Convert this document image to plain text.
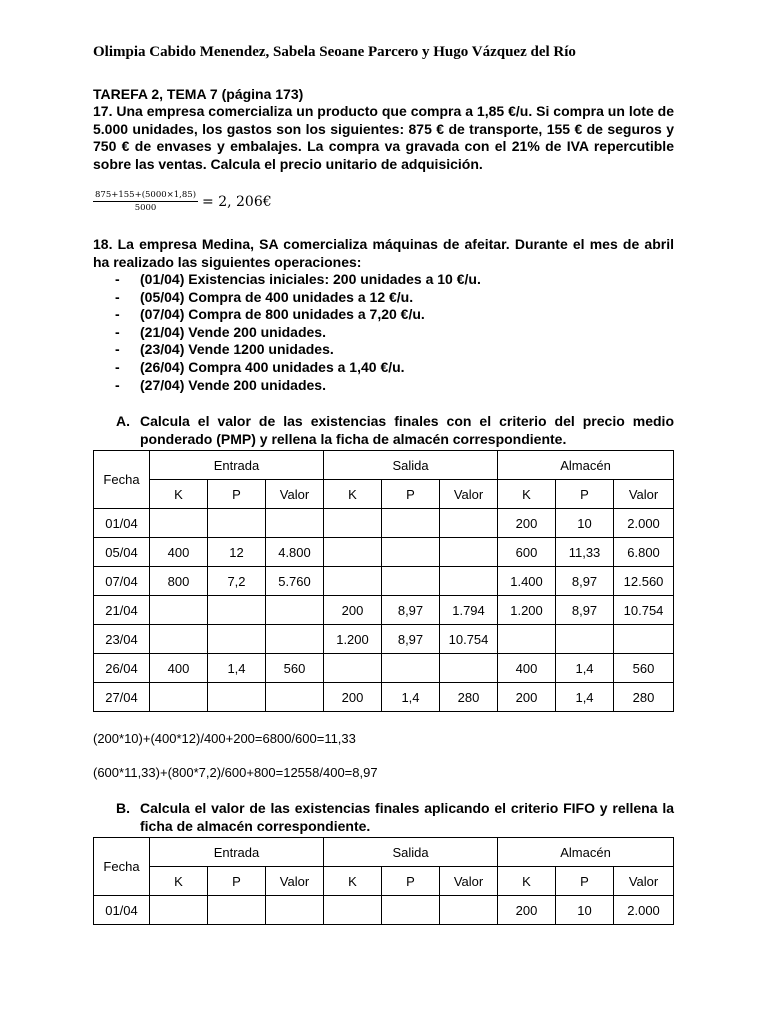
Olimpia Cabido Menendez, Sabela Seoane Parcero y Hugo Vázquez del Río
TAREFA 2, TEMA 7 (página 173)
17. Una empresa comercializa un producto que compra a 1,85 €/u. Si compra un lote de 5.000 unidades, los gastos son los siguientes: 875 € de transporte, 155 € de seguros y 750 € de envases y embalajes. La compra va gravada con el 21% de IVA repercutible sobre las ventas. Calcula el precio unitario de adquisición.
$\frac{875+155+(5000\times 1,85)}{5000} = 2$, 206€
18. La empresa Medina, SA comercializa máquinas de afeitar. Durante el mes de abril ha realizado las siguientes operaciones:
- (01/04) Existencias iniciales: 200 unidades a 10 €/u.
- (05/04) Compra de 400 unidades a 12 €/u.
- (07/04) Compra de 800 unidades a 7,20 €/u.
- (21/04) Vende 200 unidades.
- (23/04) Vende 1200 unidades.
- (26/04) Compra 400 unidades a 1,40 €/u.
- (27/04) Vende 200 unidades.
A. Calcula el valor de las existencias finales con el criterio del precio medio ponderado (PMP) y rellena la ficha de almacén correspondiente.
Fecha	Entrada			Salida			Almacén		
	K	P	Valor	K	P	Valor	K	P	Valor
01/04							200	10	2.000
05/04	400	12	4.800				600	11,33	6.800
07/04	800	7,2	5.760				1.400	8,97	12.560
21/04				200	8,97	1.794	1.200	8,97	10.754
23/04				1.200	8,97	10.754			
26/04	400	1,4	560				400	1,4	560
27/04				200	1,4	280	200	1,4	280
(200*10)+(400*12)/400+200=6800/600=11,33
(600*11,33)+(800*7,2)/600+800=12558/400=8,97
B. Calcula el valor de las existencias finales aplicando el criterio FIFO y rellena la ficha de almacén correspondiente.
Fecha	Entrada			Salida			Almacén		
	K	P	Valor	K	P	Valor	K	P	Valor
01/04							200	10	2.000
